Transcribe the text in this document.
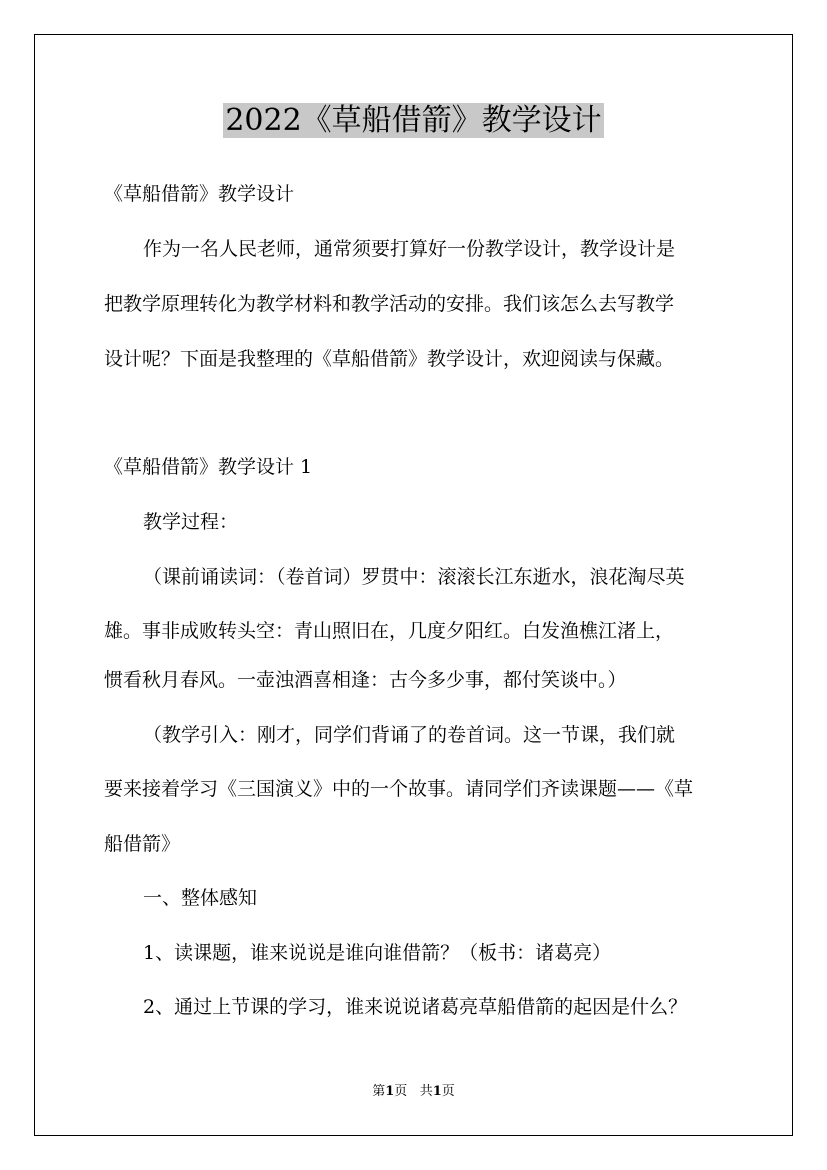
2022《草船借箭》教学设计

《草船借箭》教学设计

作为一名人民老师，通常须要打算好一份教学设计，教学设计是

把教学原理转化为教学材料和教学活动的安排。我们该怎么去写教学

设计呢？下面是我整理的《草船借箭》教学设计，欢迎阅读与保藏。

《草船借箭》教学设计 1

教学过程：

（课前诵读词：（卷首词）罗贯中：滚滚长江东逝水，浪花淘尽英

雄。事非成败转头空：青山照旧在，几度夕阳红。白发渔樵江渚上，

惯看秋月春风。一壶浊酒喜相逢：古今多少事，都付笑谈中。）

（教学引入：刚才，同学们背诵了的卷首词。这一节课，我们就

要来接着学习《三国演义》中的一个故事。请同学们齐读课题——《草

船借箭》

一、整体感知

1、读课题，谁来说说是谁向谁借箭？（板书：诸葛亮）

2、通过上节课的学习，谁来说说诸葛亮草船借箭的起因是什么？

第1页   共1页
